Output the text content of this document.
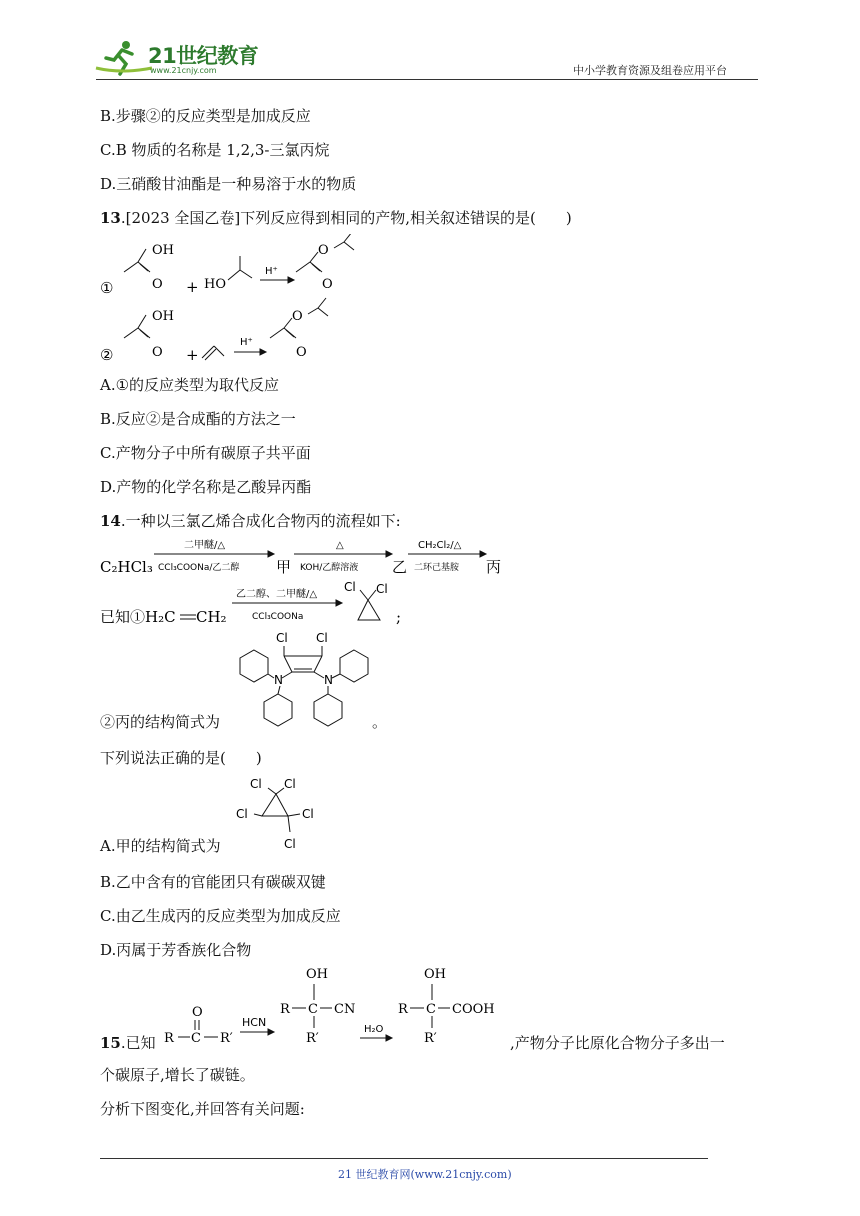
21世纪教育
www.21cnjy.com	中小学教育资源及组卷应用平台
B.步骤②的反应类型是加成反应
C.B 物质的名称是 1,2,3-三氯丙烷
D.三硝酸甘油酯是一种易溶于水的物质
13.[2023 全国乙卷]下列反应得到相同的产物,相关叙述错误的是( )
①
OH
O + HO
H⁺
O
O
②
OH
O +
H⁺
O
O
A.①的反应类型为取代反应
B.反应②是合成酯的方法之一
C.产物分子中所有碳原子共平面
D.产物的化学名称是乙酸异丙酯
14.一种以三氯乙烯合成化合物丙的流程如下:
C₂HCl₃
二甲醚/△
CCl₃COONa/乙二醇 甲
△
KOH/乙醇溶液 乙
CH₂Cl₂/△
二环己基胺 丙
已知①H₂C CH₂
乙二醇、二甲醚/△
CCl₃COONa
Cl Cl
;
Cl Cl
N	N
②丙的结构简式为	。
下列说法正确的是( )
Cl Cl
Cl	Cl
Cl
A.甲的结构简式为
B.乙中含有的官能团只有碳碳双键
C.由乙生成丙的反应类型为加成反应
D.丙属于芳香族化合物
15.已知
O
R C R′
HCN
OH
R C CN
R′
H₂O
OH
R C COOH
R′	,产物分子比原化合物分子多出一
个碳原子,增长了碳链。
分析下图变化,并回答有关问题:
21 世纪教育网(www.21cnjy.com)
